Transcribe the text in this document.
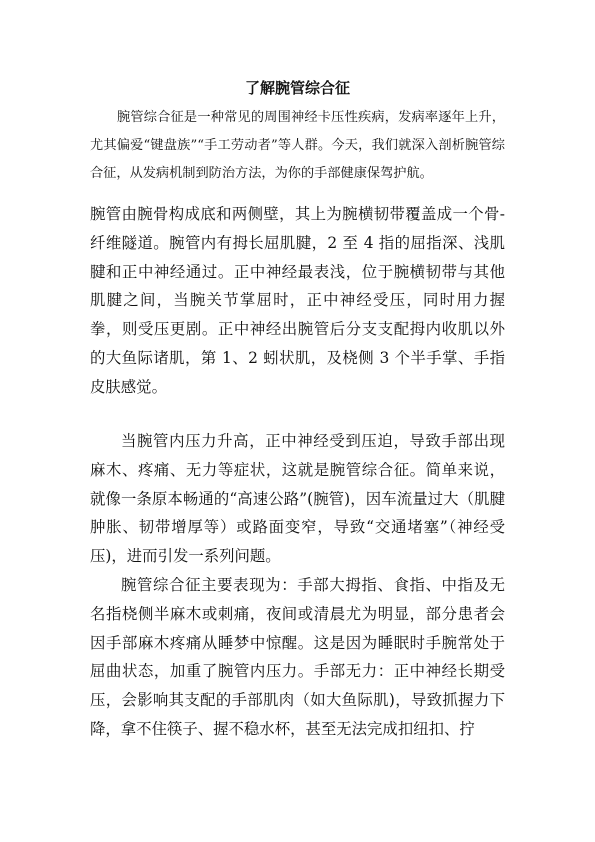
了解腕管综合征

腕管综合征是一种常见的周围神经卡压性疾病，发病率逐年上升，尤其偏爱“键盘族”“手工劳动者”等人群。今天，我们就深入剖析腕管综合征，从发病机制到防治方法，为你的手部健康保驾护航。

腕管由腕骨构成底和两侧壁，其上为腕横韧带覆盖成一个骨-纤维隧道。腕管内有拇长屈肌腱，2 至 4 指的屈指深、浅肌腱和正中神经通过。正中神经最表浅，位于腕横韧带与其他肌腱之间，当腕关节掌屈时，正中神经受压，同时用力握拳，则受压更剧。正中神经出腕管后分支支配拇内收肌以外的大鱼际诸肌，第 1、2 蚓状肌，及桡侧 3 个半手掌、手指皮肤感觉。

当腕管内压力升高，正中神经受到压迫，导致手部出现麻木、疼痛、无力等症状，这就是腕管综合征。简单来说，就像一条原本畅通的“高速公路”(腕管)，因车流量过大（肌腱肿胀、韧带增厚等）或路面变窄，导致“交通堵塞”（神经受压)，进而引发一系列问题。

腕管综合征主要表现为：手部大拇指、食指、中指及无名指桡侧半麻木或刺痛，夜间或清晨尤为明显，部分患者会因手部麻木疼痛从睡梦中惊醒。这是因为睡眠时手腕常处于屈曲状态，加重了腕管内压力。手部无力：正中神经长期受压，会影响其支配的手部肌肉（如大鱼际肌)，导致抓握力下降，拿不住筷子、握不稳水杯，甚至无法完成扣纽扣、拧
